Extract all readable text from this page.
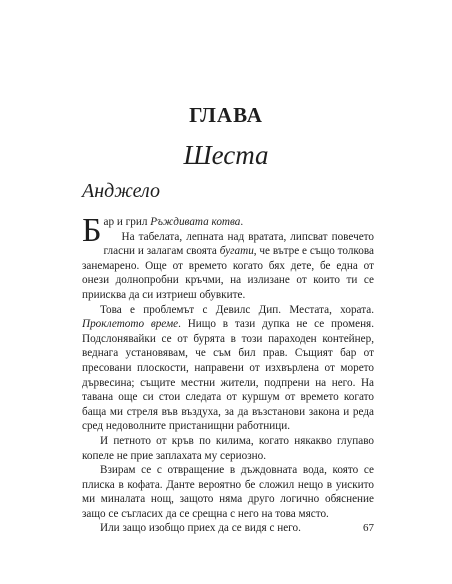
ГЛАВА
Шеста
Анджело

Бар и грил Ръждивата котва.

На табелата, лепната над вратата, липсват повечето гласни и залагам своята бугати, че вътре е също толкова занемарено. Още от времето когато бях дете, бе една от онези долнопробни кръчми, на излизане от които ти се приисква да си изтриеш обувките.

Това е проблемът с Девилс Дип. Местата, хората. Проклетото време. Нищо в тази дупка не се променя. Подслонявайки се от бурята в този параходен контейнер, веднага установявам, че съм бил прав. Същият бар от пресовани плоскости, направени от изхвърлена от морето дървесина; същите местни жители, подпрени на него. На тавана още си стои следата от куршум от времето когато баща ми стреля във въздуха, за да възстанови закона и реда сред недоволните пристанищни работници.

И петното от кръв по килима, когато някакво глупаво копеле не прие заплахата му сериозно.

Взирам се с отвращение в дъждовната вода, която се плиска в кофата. Данте вероятно бе сложил нещо в уискито ми миналата нощ, защото няма друго логично обяснение защо се съгласих да се срещна с него на това място.

Или защо изобщо приех да се видя с него.	67
